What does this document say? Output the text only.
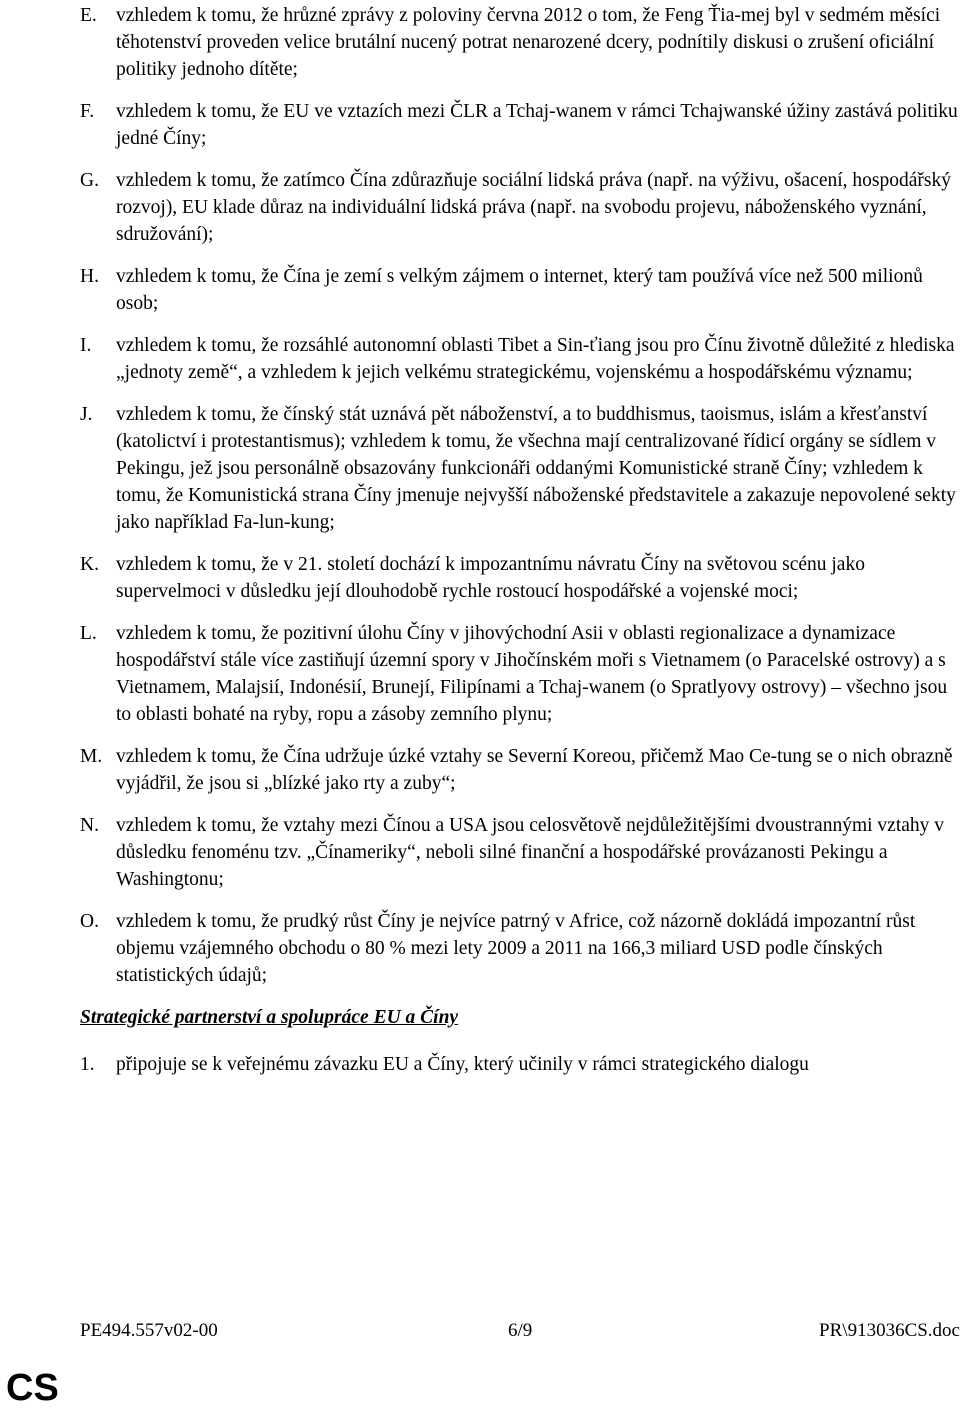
E. vzhledem k tomu, že hrůzné zprávy z poloviny června 2012 o tom, že Feng Ťia-mej byl v sedmém měsíci těhotenství proveden velice brutální nucený potrat nenarozené dcery, podnítily diskusi o zrušení oficiální politiky jednoho dítěte;
F.	vzhledem k tomu, že EU ve vztazích mezi ČLR a Tchaj-wanem v rámci Tchajwanské úžiny zastává politiku jedné Číny;
G. vzhledem k tomu, že zatímco Čína zdůrazňuje sociální lidská práva (např. na výživu, ošacení, hospodářský rozvoj), EU klade důraz na individuální lidská práva (např. na svobodu projevu, náboženského vyznání, sdružování);
H. vzhledem k tomu, že Čína je zemí s velkým zájmem o internet, který tam používá více než 500 milionů osob;
I.	vzhledem k tomu, že rozsáhlé autonomní oblasti Tibet a Sin-ťiang jsou pro Čínu životně důležité z hlediska „jednoty země“, a vzhledem k jejich velkému strategickému, vojenskému a hospodářskému významu;
J.	vzhledem k tomu, že čínský stát uznává pět náboženství, a to buddhismus, taoismus, islám a křesťanství (katolictví i protestantismus); vzhledem k tomu, že všechna mají centralizované řídicí orgány se sídlem v Pekingu, jež jsou personálně obsazovány funkcionáři oddanými Komunistické straně Číny; vzhledem k tomu, že Komunistická strana Číny jmenuje nejvyšší náboženské představitele a zakazuje nepovolené sekty jako například Fa-lun-kung;
K. vzhledem k tomu, že v 21. století dochází k impozantnímu návratu Číny na světovou scénu jako supervelmoci v důsledku její dlouhodobě rychle rostoucí hospodářské a vojenské moci;
L. vzhledem k tomu, že pozitivní úlohu Číny v jihovýchodní Asii v oblasti regionalizace a dynamizace hospodářství stále více zastiňují územní spory v Jihočínském moři s Vietnamem (o Paracelské ostrovy) a s Vietnamem, Malajsií, Indonésií, Brunejí, Filipínami a Tchaj-wanem (o Spratlyovy ostrovy) – všechno jsou to oblasti bohaté na ryby, ropu a zásoby zemního plynu;
M. vzhledem k tomu, že Čína udržuje úzké vztahy se Severní Koreou, přičemž Mao Ce-tung se o nich obrazně vyjádřil, že jsou si „blízké jako rty a zuby“;
N. vzhledem k tomu, že vztahy mezi Čínou a USA jsou celosvětově nejdůležitějšími dvoustrannými vztahy v důsledku fenoménu tzv. „Čínameriky“, neboli silné finanční a hospodářské provázanosti Pekingu a Washingtonu;
O. vzhledem k tomu, že prudký růst Číny je nejvíce patrný v Africe, což názorně dokládá impozantní růst objemu vzájemného obchodu o 80 % mezi lety 2009 a 2011 na 166,3 miliard USD podle čínských statistických údajů;
Strategické partnerství a spolupráce EU a Číny
1.	připojuje se k veřejnému závazku EU a Číny, který učinily v rámci strategického dialogu
PE494.557v02-00	6/9	PR\913036CS.doc
CS
